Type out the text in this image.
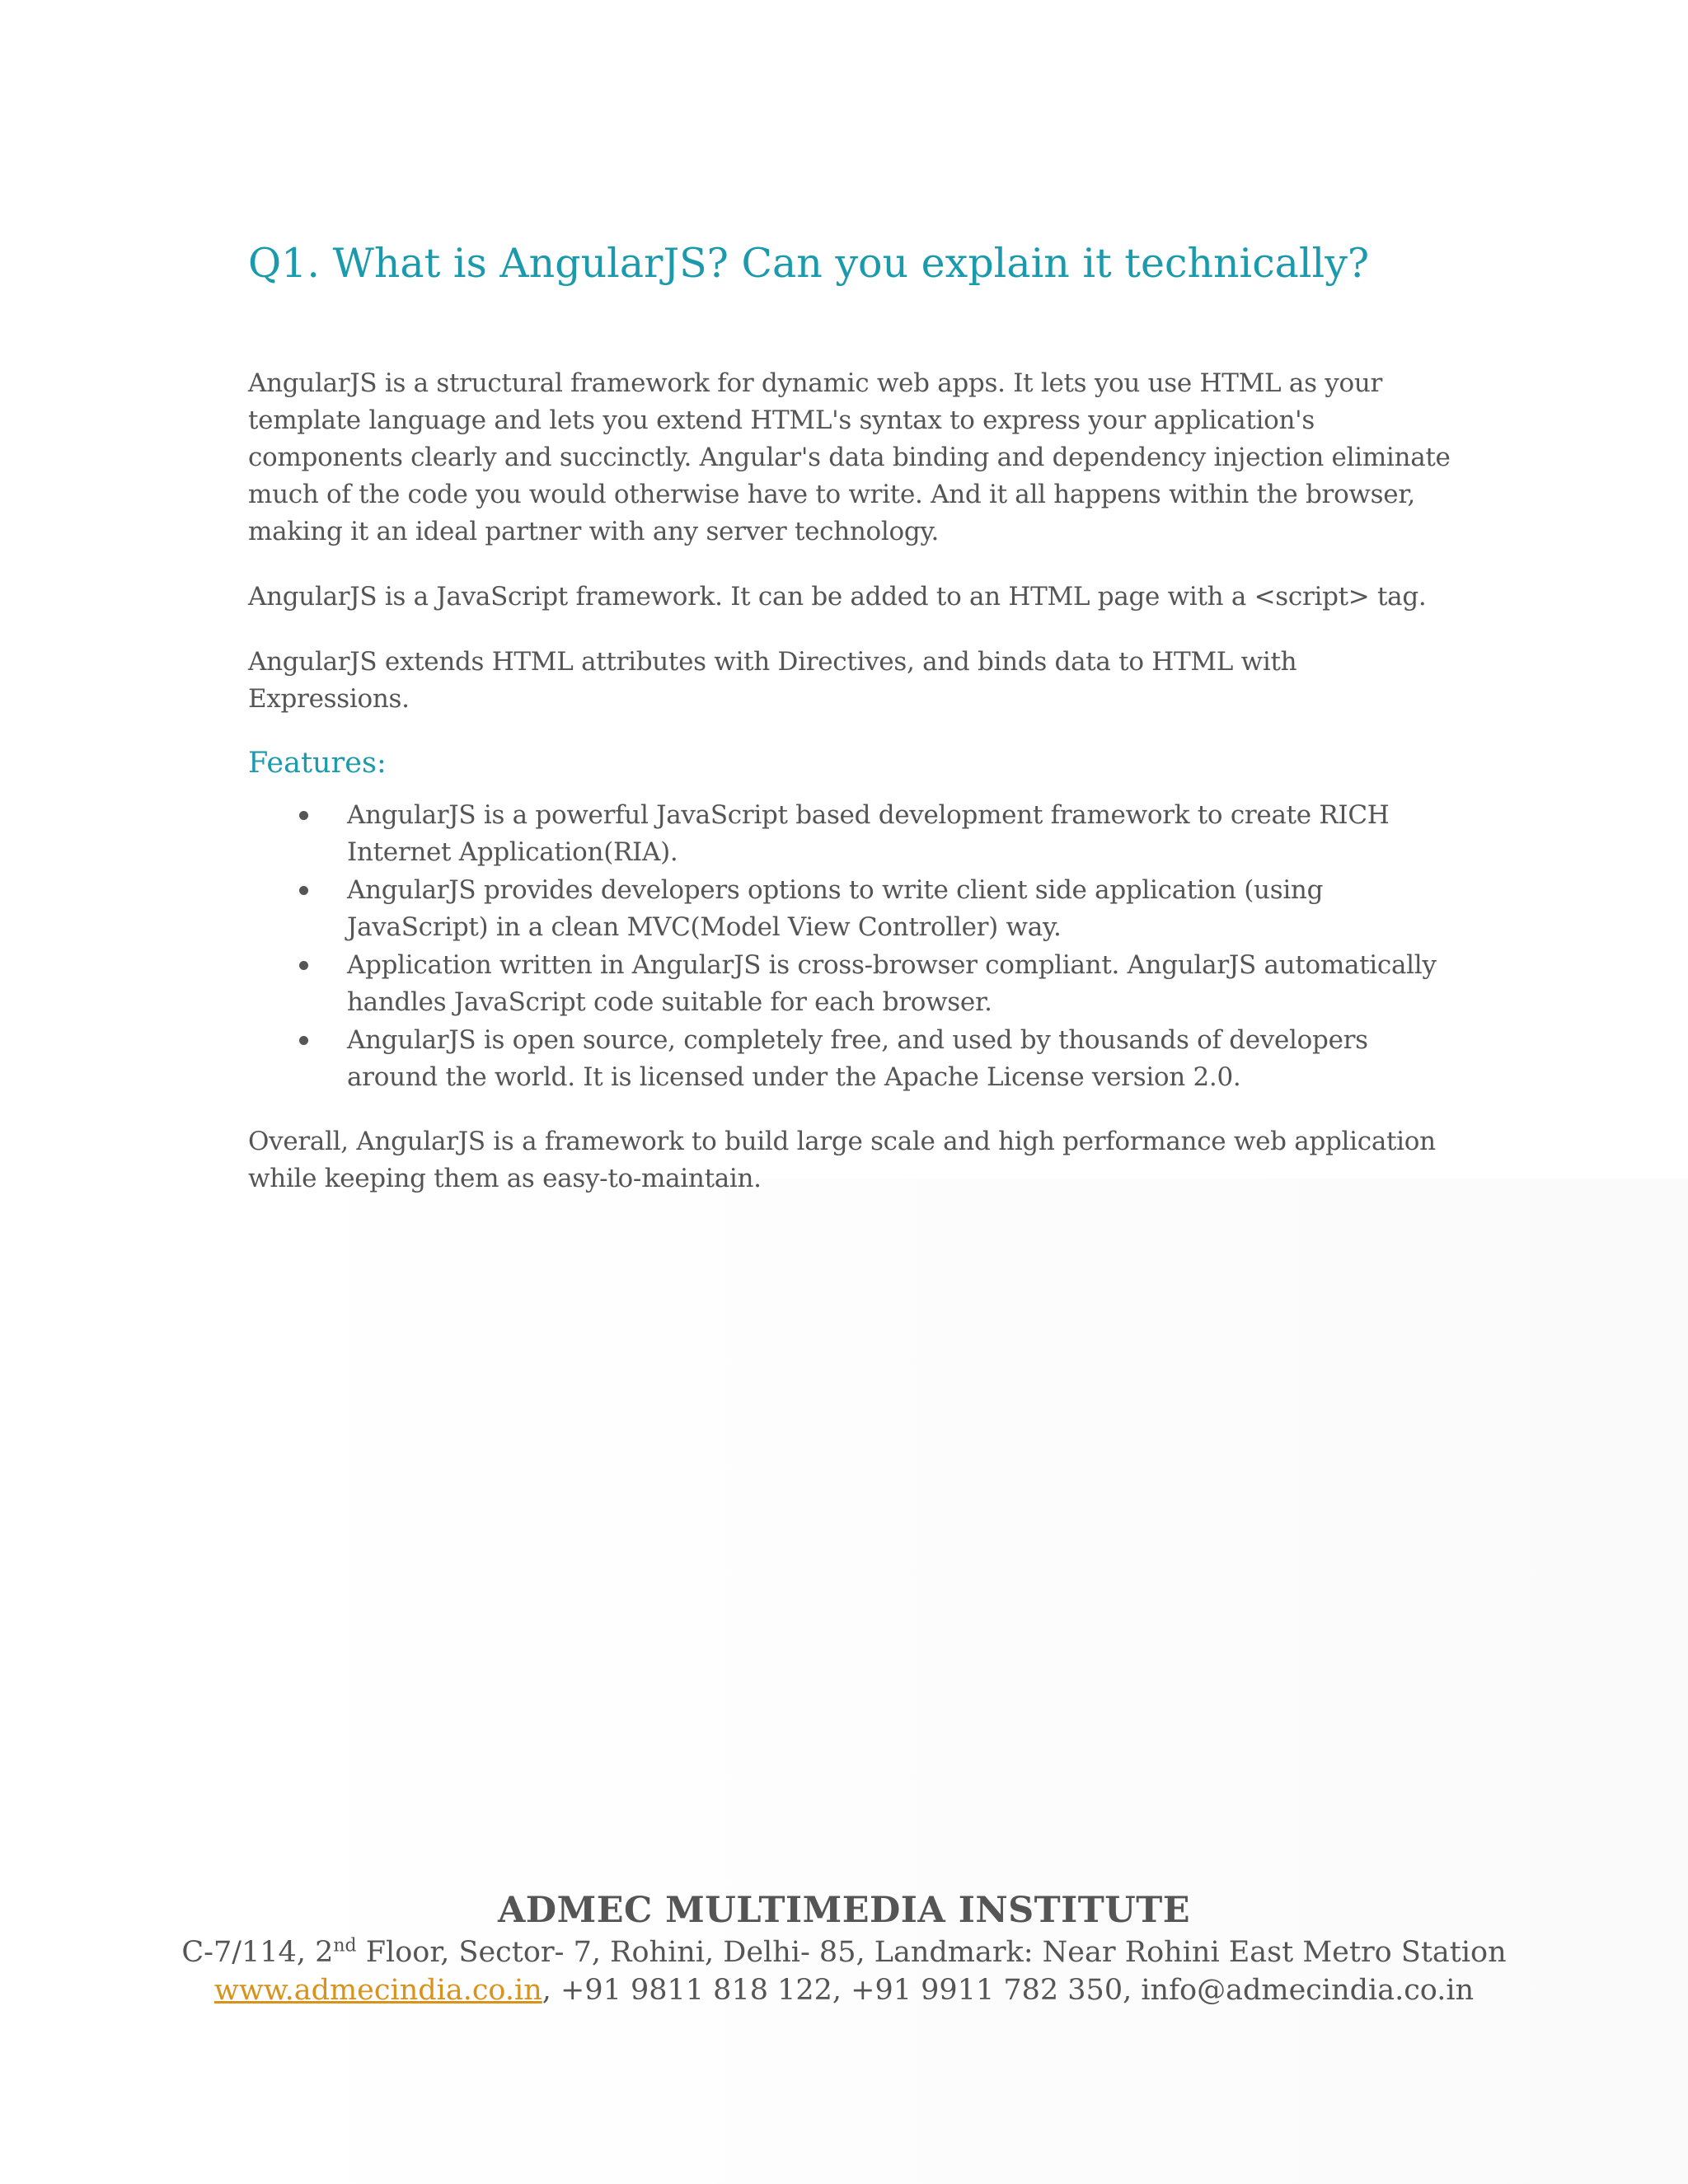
Q1. What is AngularJS? Can you explain it technically?

AngularJS is a structural framework for dynamic web apps. It lets you use HTML as your template language and lets you extend HTML's syntax to express your application's components clearly and succinctly. Angular's data binding and dependency injection eliminate much of the code you would otherwise have to write. And it all happens within the browser, making it an ideal partner with any server technology.

AngularJS is a JavaScript framework. It can be added to an HTML page with a <script> tag.

AngularJS extends HTML attributes with Directives, and binds data to HTML with Expressions.

Features:
AngularJS is a powerful JavaScript based development framework to create RICH Internet Application(RIA).
AngularJS provides developers options to write client side application (using JavaScript) in a clean MVC(Model View Controller) way.
Application written in AngularJS is cross-browser compliant. AngularJS automatically handles JavaScript code suitable for each browser.
AngularJS is open source, completely free, and used by thousands of developers around the world. It is licensed under the Apache License version 2.0.

Overall, AngularJS is a framework to build large scale and high performance web application while keeping them as easy-to-maintain.

ADMEC MULTIMEDIA INSTITUTE

C-7/114, 2nd Floor, Sector- 7, Rohini, Delhi- 85, Landmark: Near Rohini East Metro Station

www.admecindia.co.in, +91 9811 818 122, +91 9911 782 350, info@admecindia.co.in
